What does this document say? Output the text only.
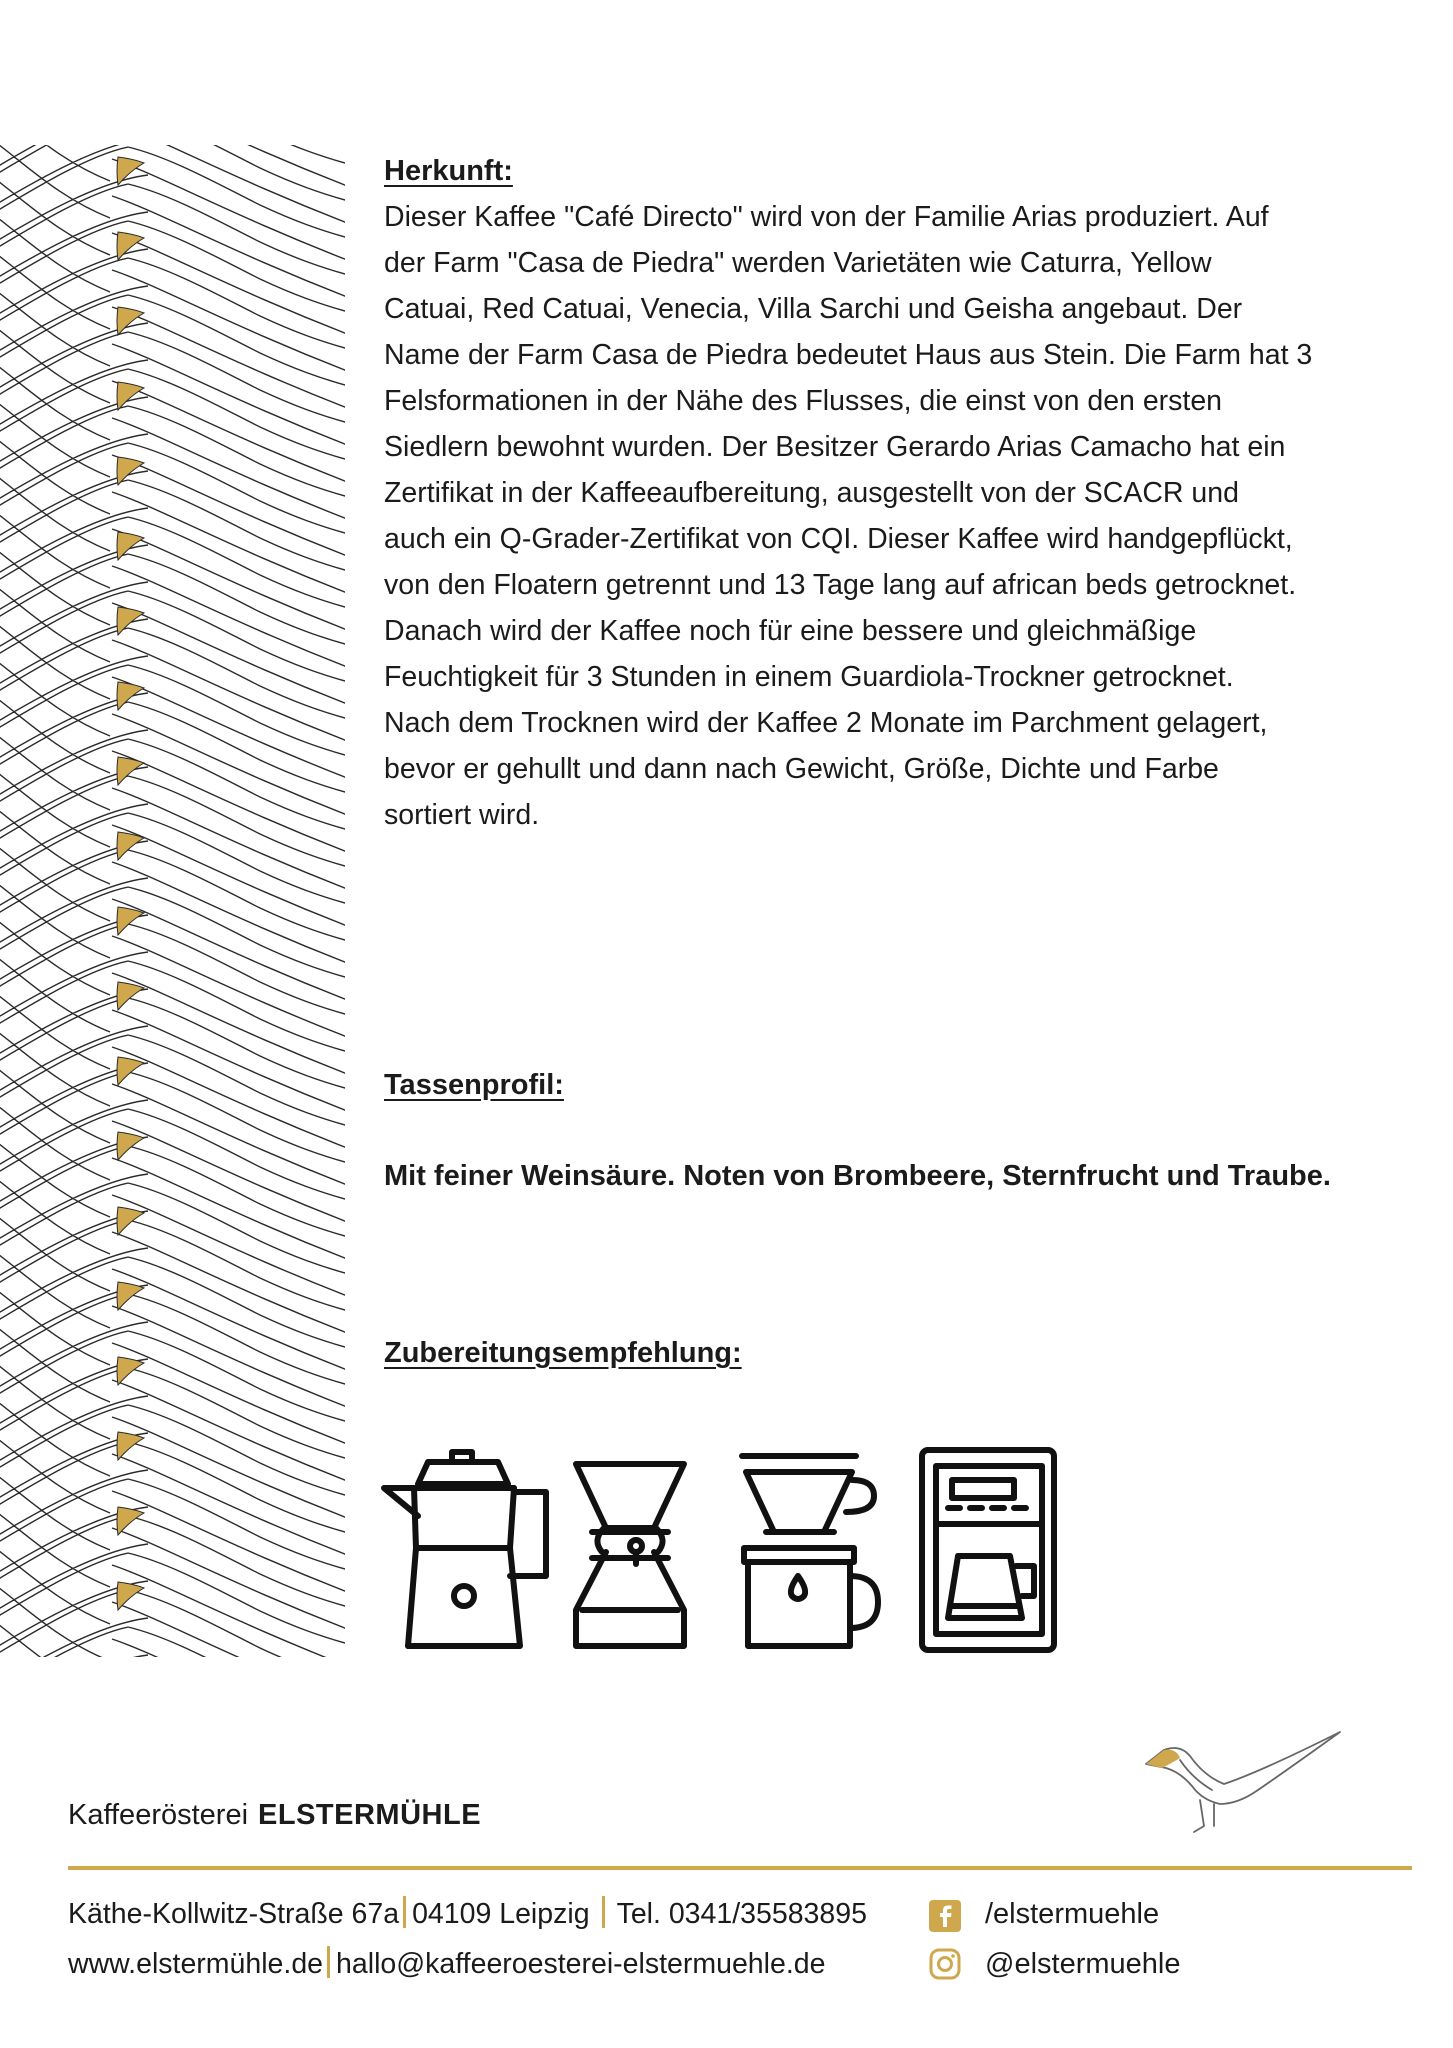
Herkunft:
Dieser Kaffee "Café Directo" wird von der Familie Arias produziert. Auf
der Farm "Casa de Piedra" werden Varietäten wie Caturra, Yellow
Catuai, Red Catuai, Venecia, Villa Sarchi und Geisha angebaut. Der
Name der Farm Casa de Piedra bedeutet Haus aus Stein. Die Farm hat 3
Felsformationen in der Nähe des Flusses, die einst von den ersten
Siedlern bewohnt wurden. Der Besitzer Gerardo Arias Camacho hat ein
Zertifikat in der Kaffeeaufbereitung, ausgestellt von der SCACR und
auch ein Q-Grader-Zertifikat von CQI. Dieser Kaffee wird handgepflückt,
von den Floatern getrennt und 13 Tage lang auf african beds getrocknet.
Danach wird der Kaffee noch für eine bessere und gleichmäßige
Feuchtigkeit für 3 Stunden in einem Guardiola-Trockner getrocknet.
Nach dem Trocknen wird der Kaffee 2 Monate im Parchment gelagert,
bevor er gehullt und dann nach Gewicht, Größe, Dichte und Farbe
sortiert wird.
Tassenprofil:
Mit feiner Weinsäure. Noten von Brombeere, Sternfrucht und Traube.
Zubereitungsempfehlung:
Kaffeerösterei ELSTERMÜHLE
Käthe-Kollwitz-Straße 67a 04109 Leipzig Tel. 0341/35583895
www.elstermühle.de hallo@kaffeeroesterei-elstermuehle.de
/elstermuehle
@elstermuehle
